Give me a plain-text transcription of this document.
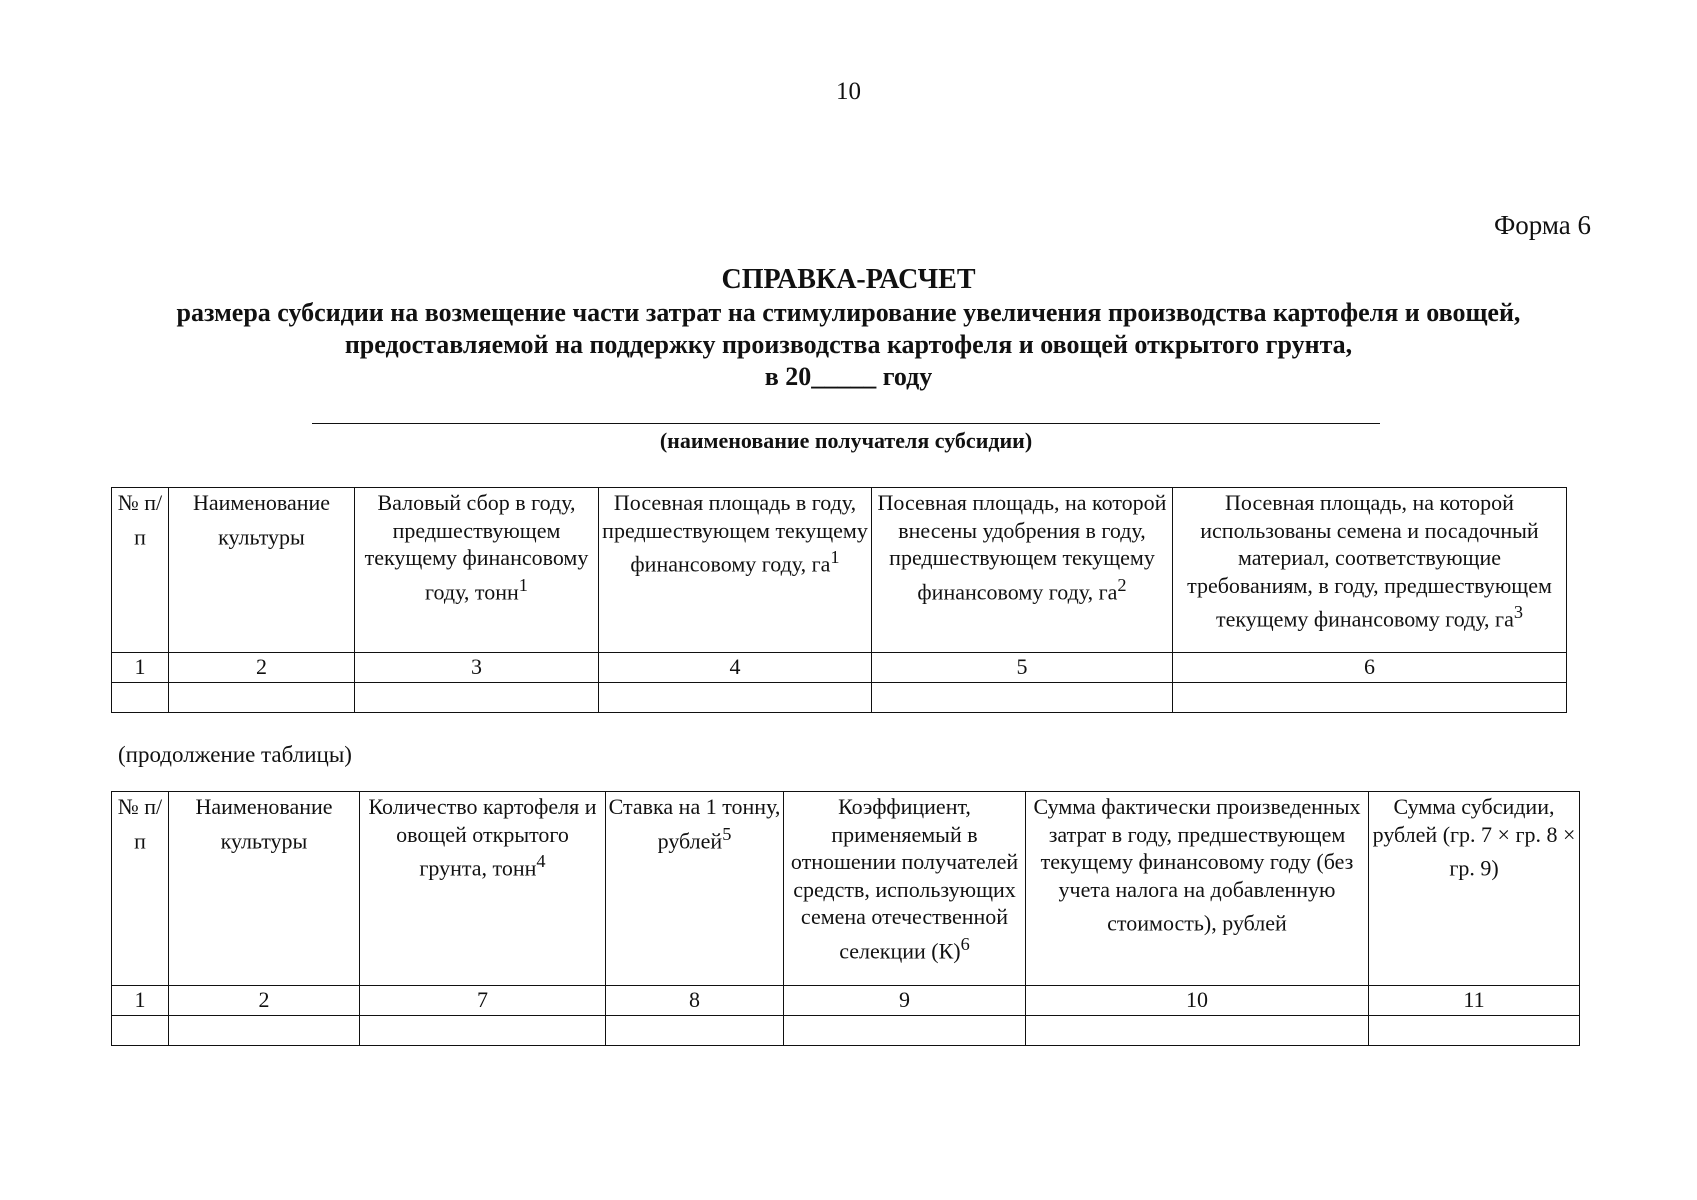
10
Форма 6
СПРАВКА-РАСЧЕТ
размера субсидии на возмещение части затрат на стимулирование увеличения производства картофеля и овощей,
предоставляемой на поддержку производства картофеля и овощей открытого грунта,
в 20_____ году
(наименование получателя субсидии)
№ п/п	Наименование культуры	Валовый сбор в году, предшествующем текущему финансовому году, тонн$^1$	Посевная площадь в году, предшествующем текущему финансовому году, $га^1$	Посевная площадь, на которой внесены удобрения в году, предшествующем текущему финансовому году, $га^2$	Посевная площадь, на которой использованы семена и посадочный материал, соответствующие требованиям, в году, предшествующем текущему финансовому году, $га^3$
1	2	3	4	5	6

(продолжение таблицы)
№ п/п	Наименование культуры	Количество картофеля и овощей открытого грунта, тонн$^4$	Ставка на 1 тонну, рублей$^5$	Коэффициент, применяемый в отношении получателей средств, использующих семена отечественной селекции $(К)^6$	Сумма фактически произведенных затрат в году, предшествующем текущему финансовому году (без учета налога на добавленную стоимость), рублей	Сумма субсидии, рублей (гр. 7 × гр. 8 × гр. 9)
1	2	7	8	9	10	11
